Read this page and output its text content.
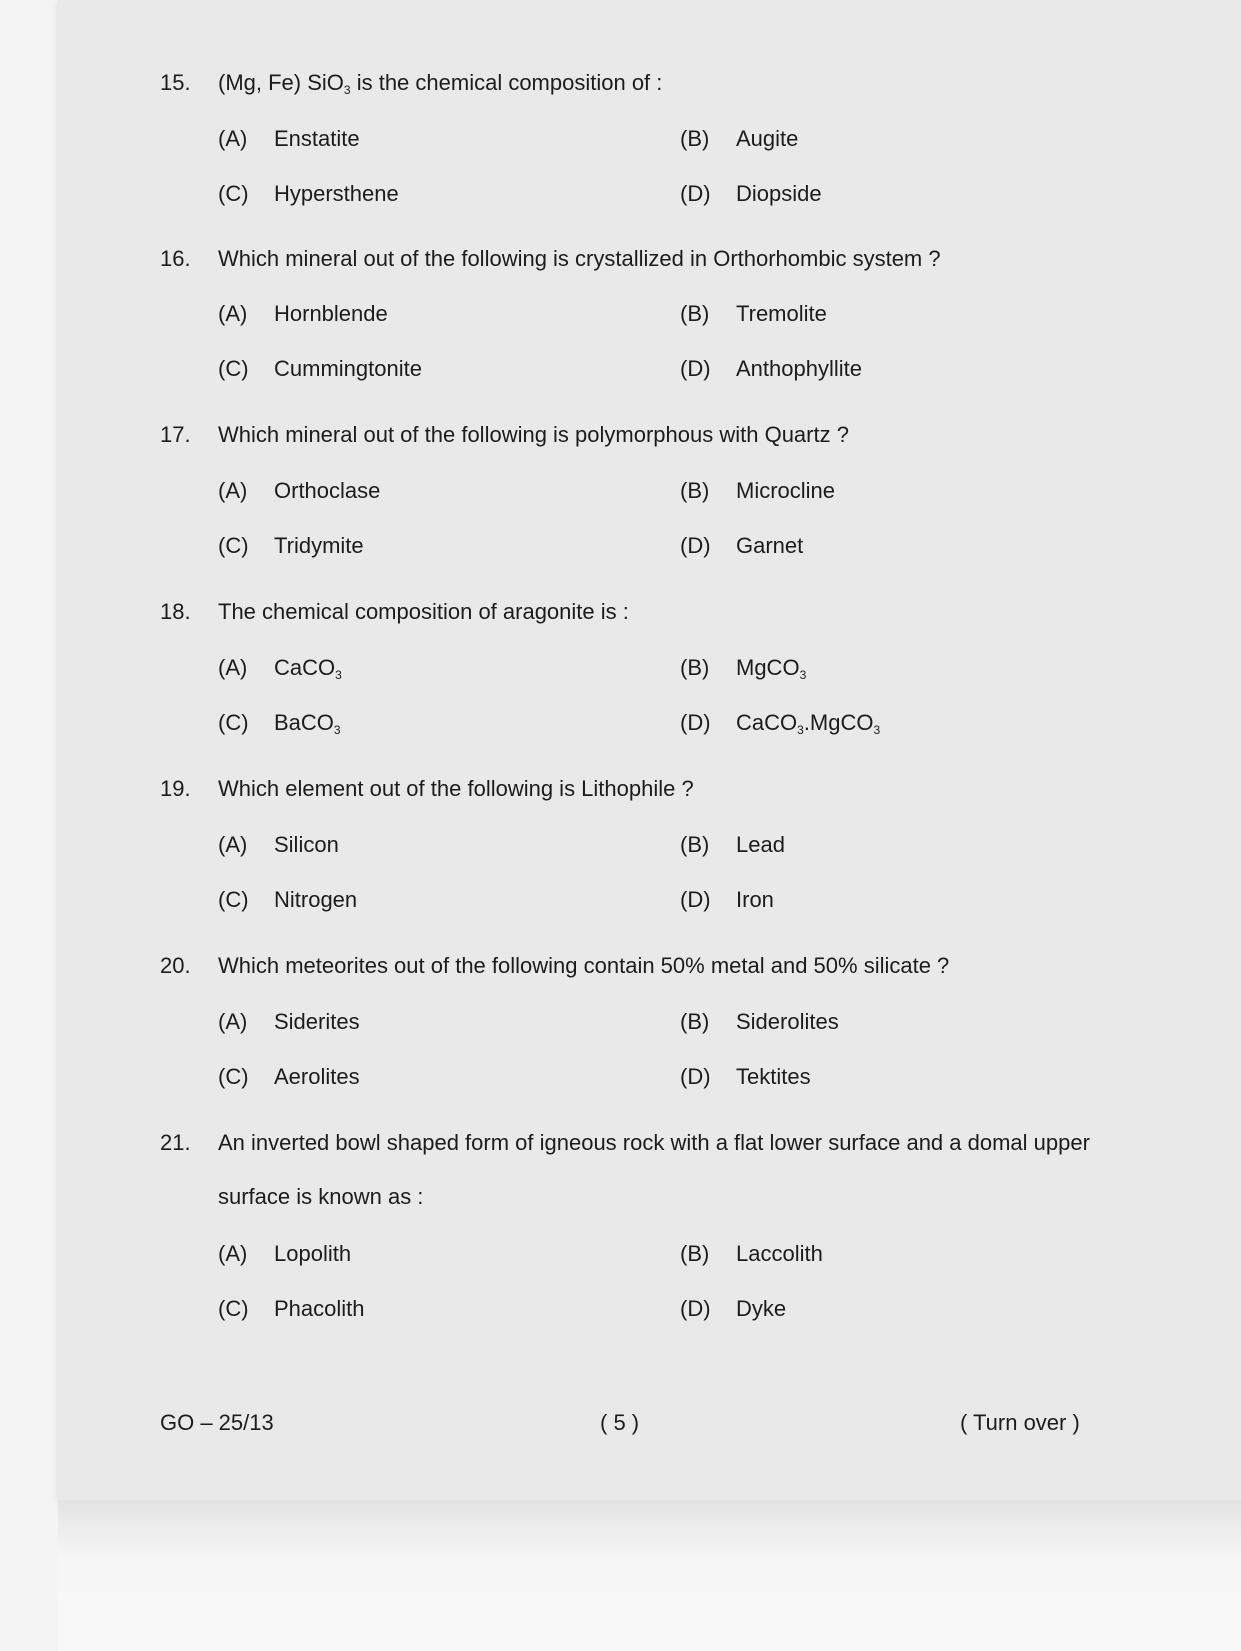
15. (Mg, Fe) SiO$_3$ is the chemical composition of :
(A) Enstatite	(B) Augite
(C) Hypersthene	(D) Diopside
16. Which mineral out of the following is crystallized in Orthorhombic system ?
(A) Hornblende	(B) Tremolite
(C) Cummingtonite	(D) Anthophyllite
17. Which mineral out of the following is polymorphous with Quartz ?
(A) Orthoclase	(B) Microcline
(C) Tridymite	(D) Garnet
18. The chemical composition of aragonite is :
(A) CaCO$_3$	(B) MgCO$_3$
(C) BaCO$_3$	(D) CaCO$_3$.MgCO$_3$
19. Which element out of the following is Lithophile ?
(A) Silicon	(B) Lead
(C) Nitrogen	(D) Iron
20. Which meteorites out of the following contain 50% metal and 50% silicate ?
(A) Siderites	(B) Siderolites
(C) Aerolites	(D) Tektites
21. An inverted bowl shaped form of igneous rock with a flat lower surface and a domal upper surface is known as :
(A) Lopolith	(B) Laccolith
(C) Phacolith	(D) Dyke
GO – 25/13	( 5 )	( Turn over )
